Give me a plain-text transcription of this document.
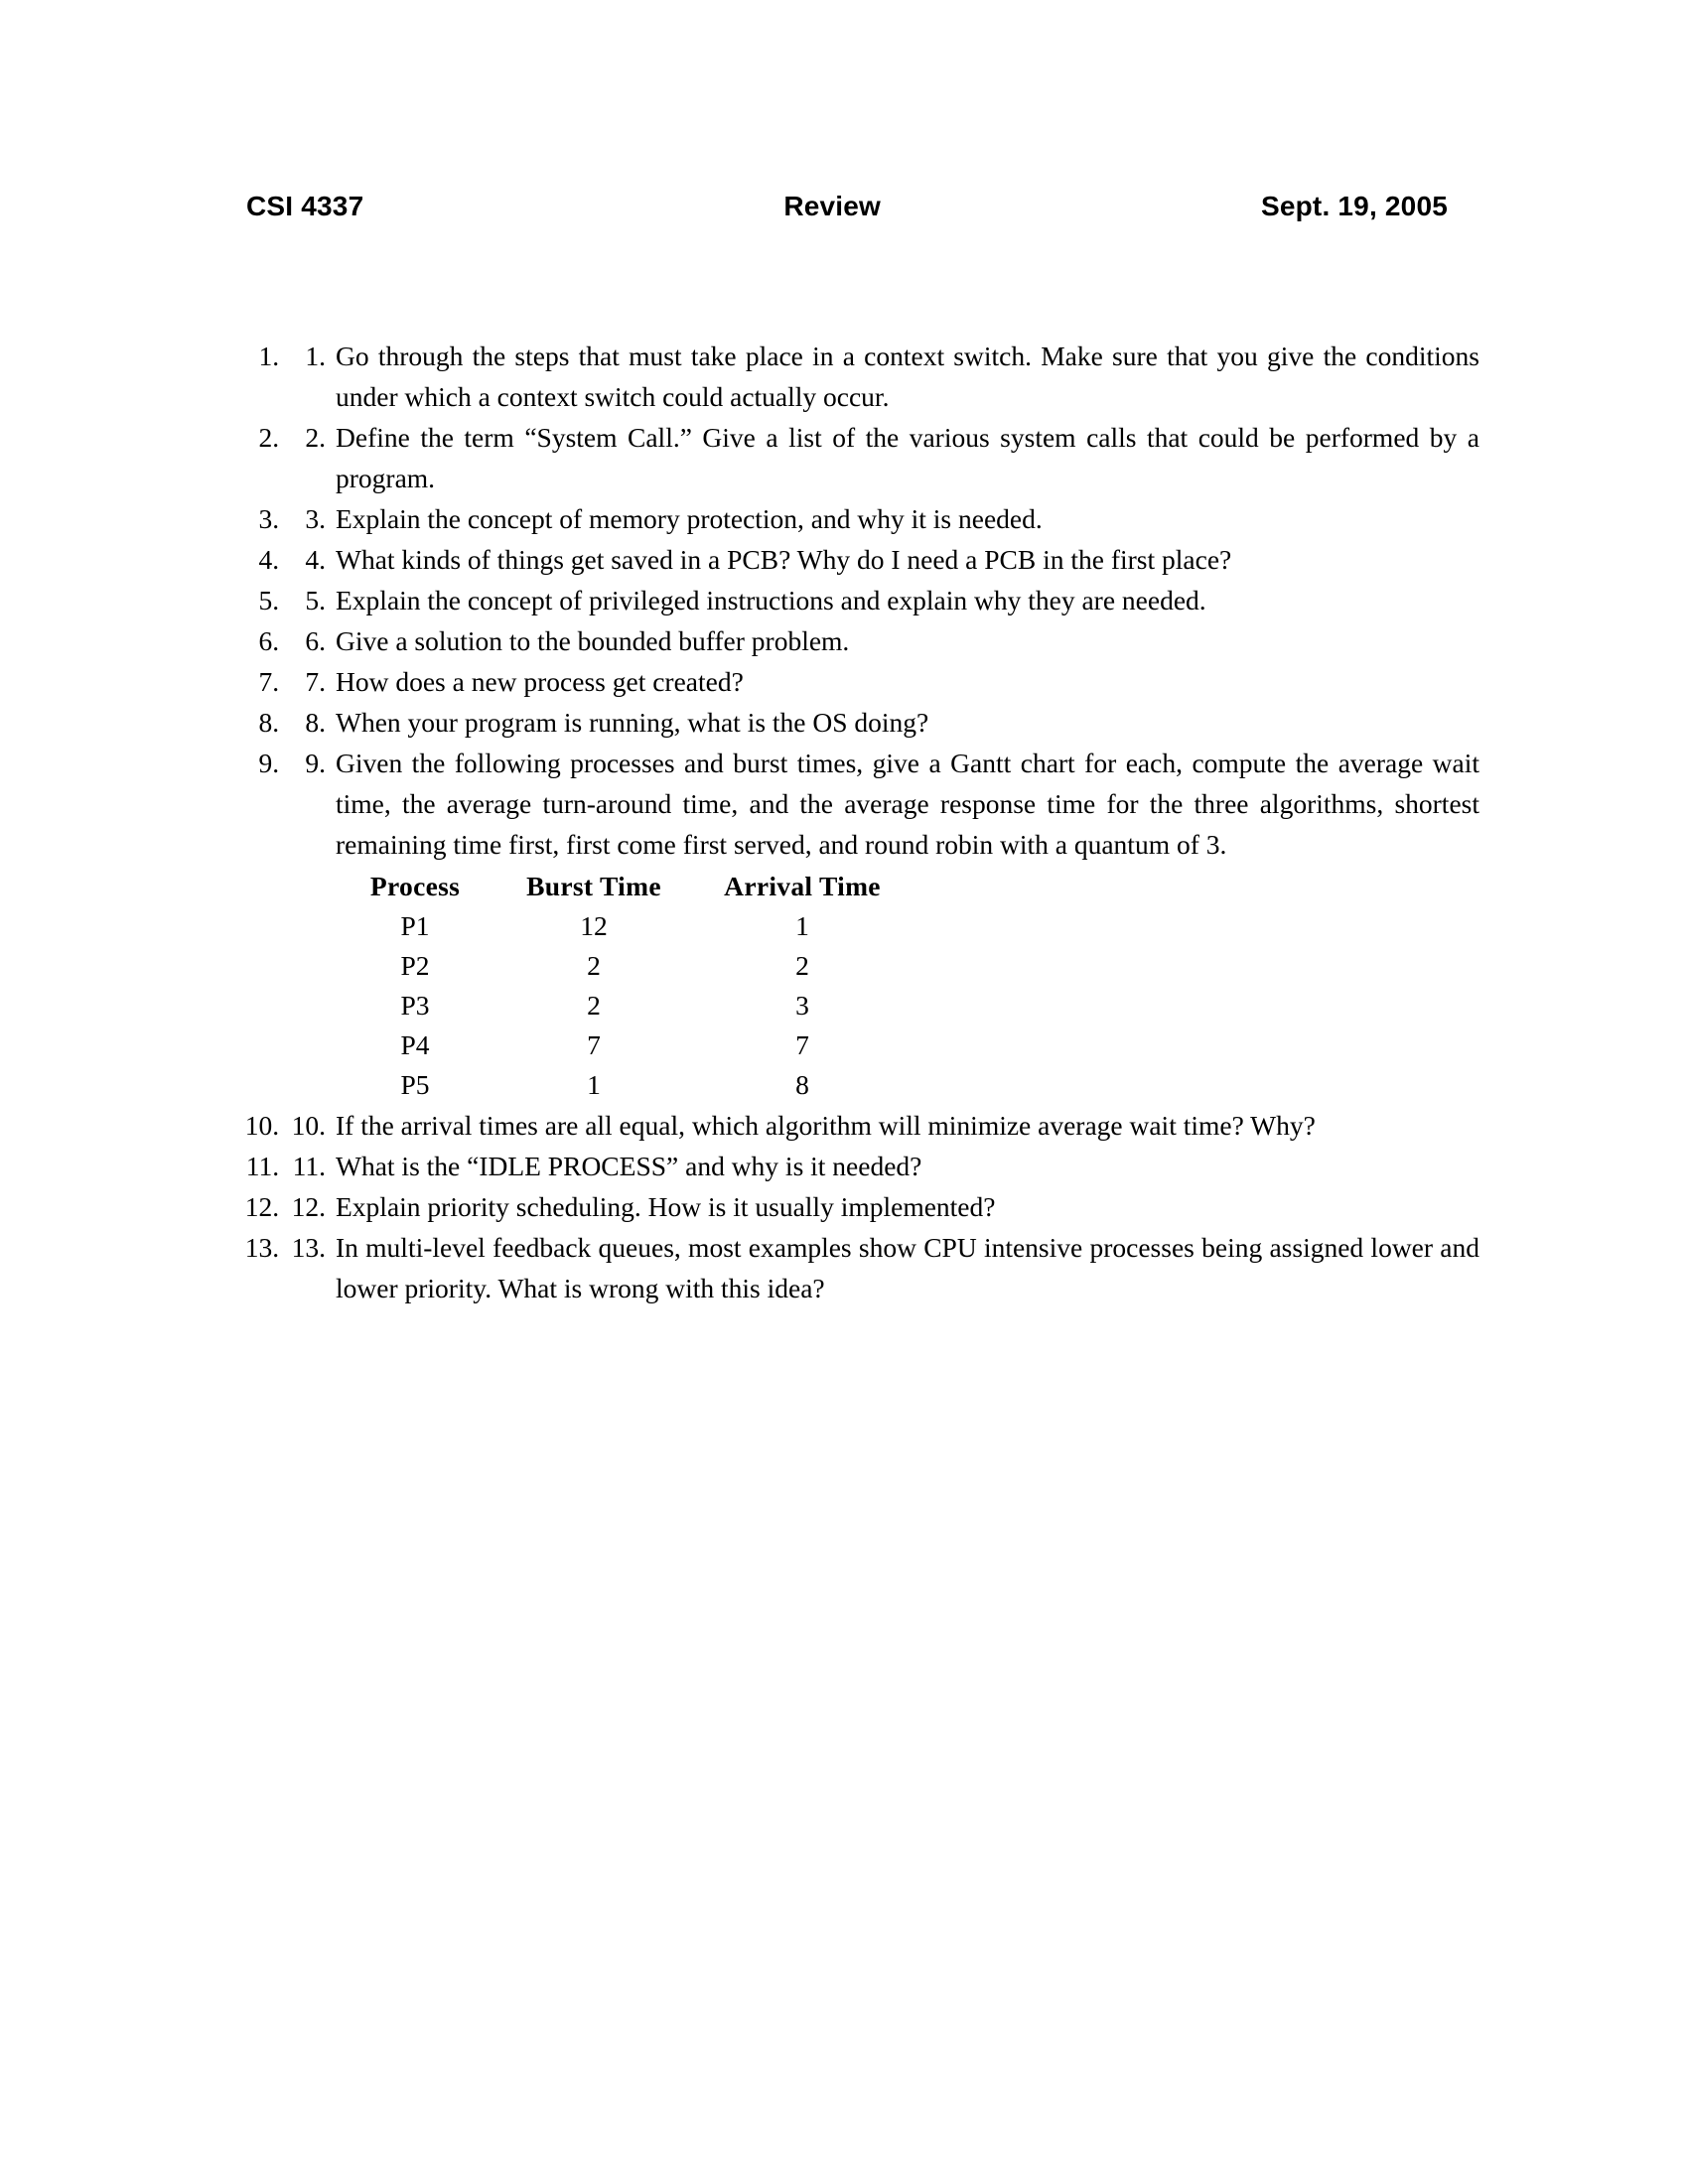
CSI 4337	Review	Sept. 19, 2005
1. 1. Go through the steps that must take place in a context switch. Make sure that you give the conditions under which a context switch could actually occur.
2. 2. Define the term “System Call.” Give a list of the various system calls that could be performed by a program.
3. 3. Explain the concept of memory protection, and why it is needed.
4. 4. What kinds of things get saved in a PCB? Why do I need a PCB in the first place?
5. 5. Explain the concept of privileged instructions and explain why they are needed.
6. 6. Give a solution to the bounded buffer problem.
7. 7. How does a new process get created?
8. 8. When your program is running, what is the OS doing?
9. 9. Given the following processes and burst times, give a Gantt chart for each, compute the average wait time, the average turn-around time, and the average response time for the three algorithms, shortest remaining time first, first come first served, and round robin with a quantum of 3.
Process	Burst Time	Arrival Time
P1	12	1
P2	2	2
P3	2	3
P4	7	7
P5	1	8
10. 10. If the arrival times are all equal, which algorithm will minimize average wait time? Why?
11. 11. What is the “IDLE PROCESS” and why is it needed?
12. 12. Explain priority scheduling. How is it usually implemented?
13. 13. In multi-level feedback queues, most examples show CPU intensive processes being assigned lower and lower priority. What is wrong with this idea?
